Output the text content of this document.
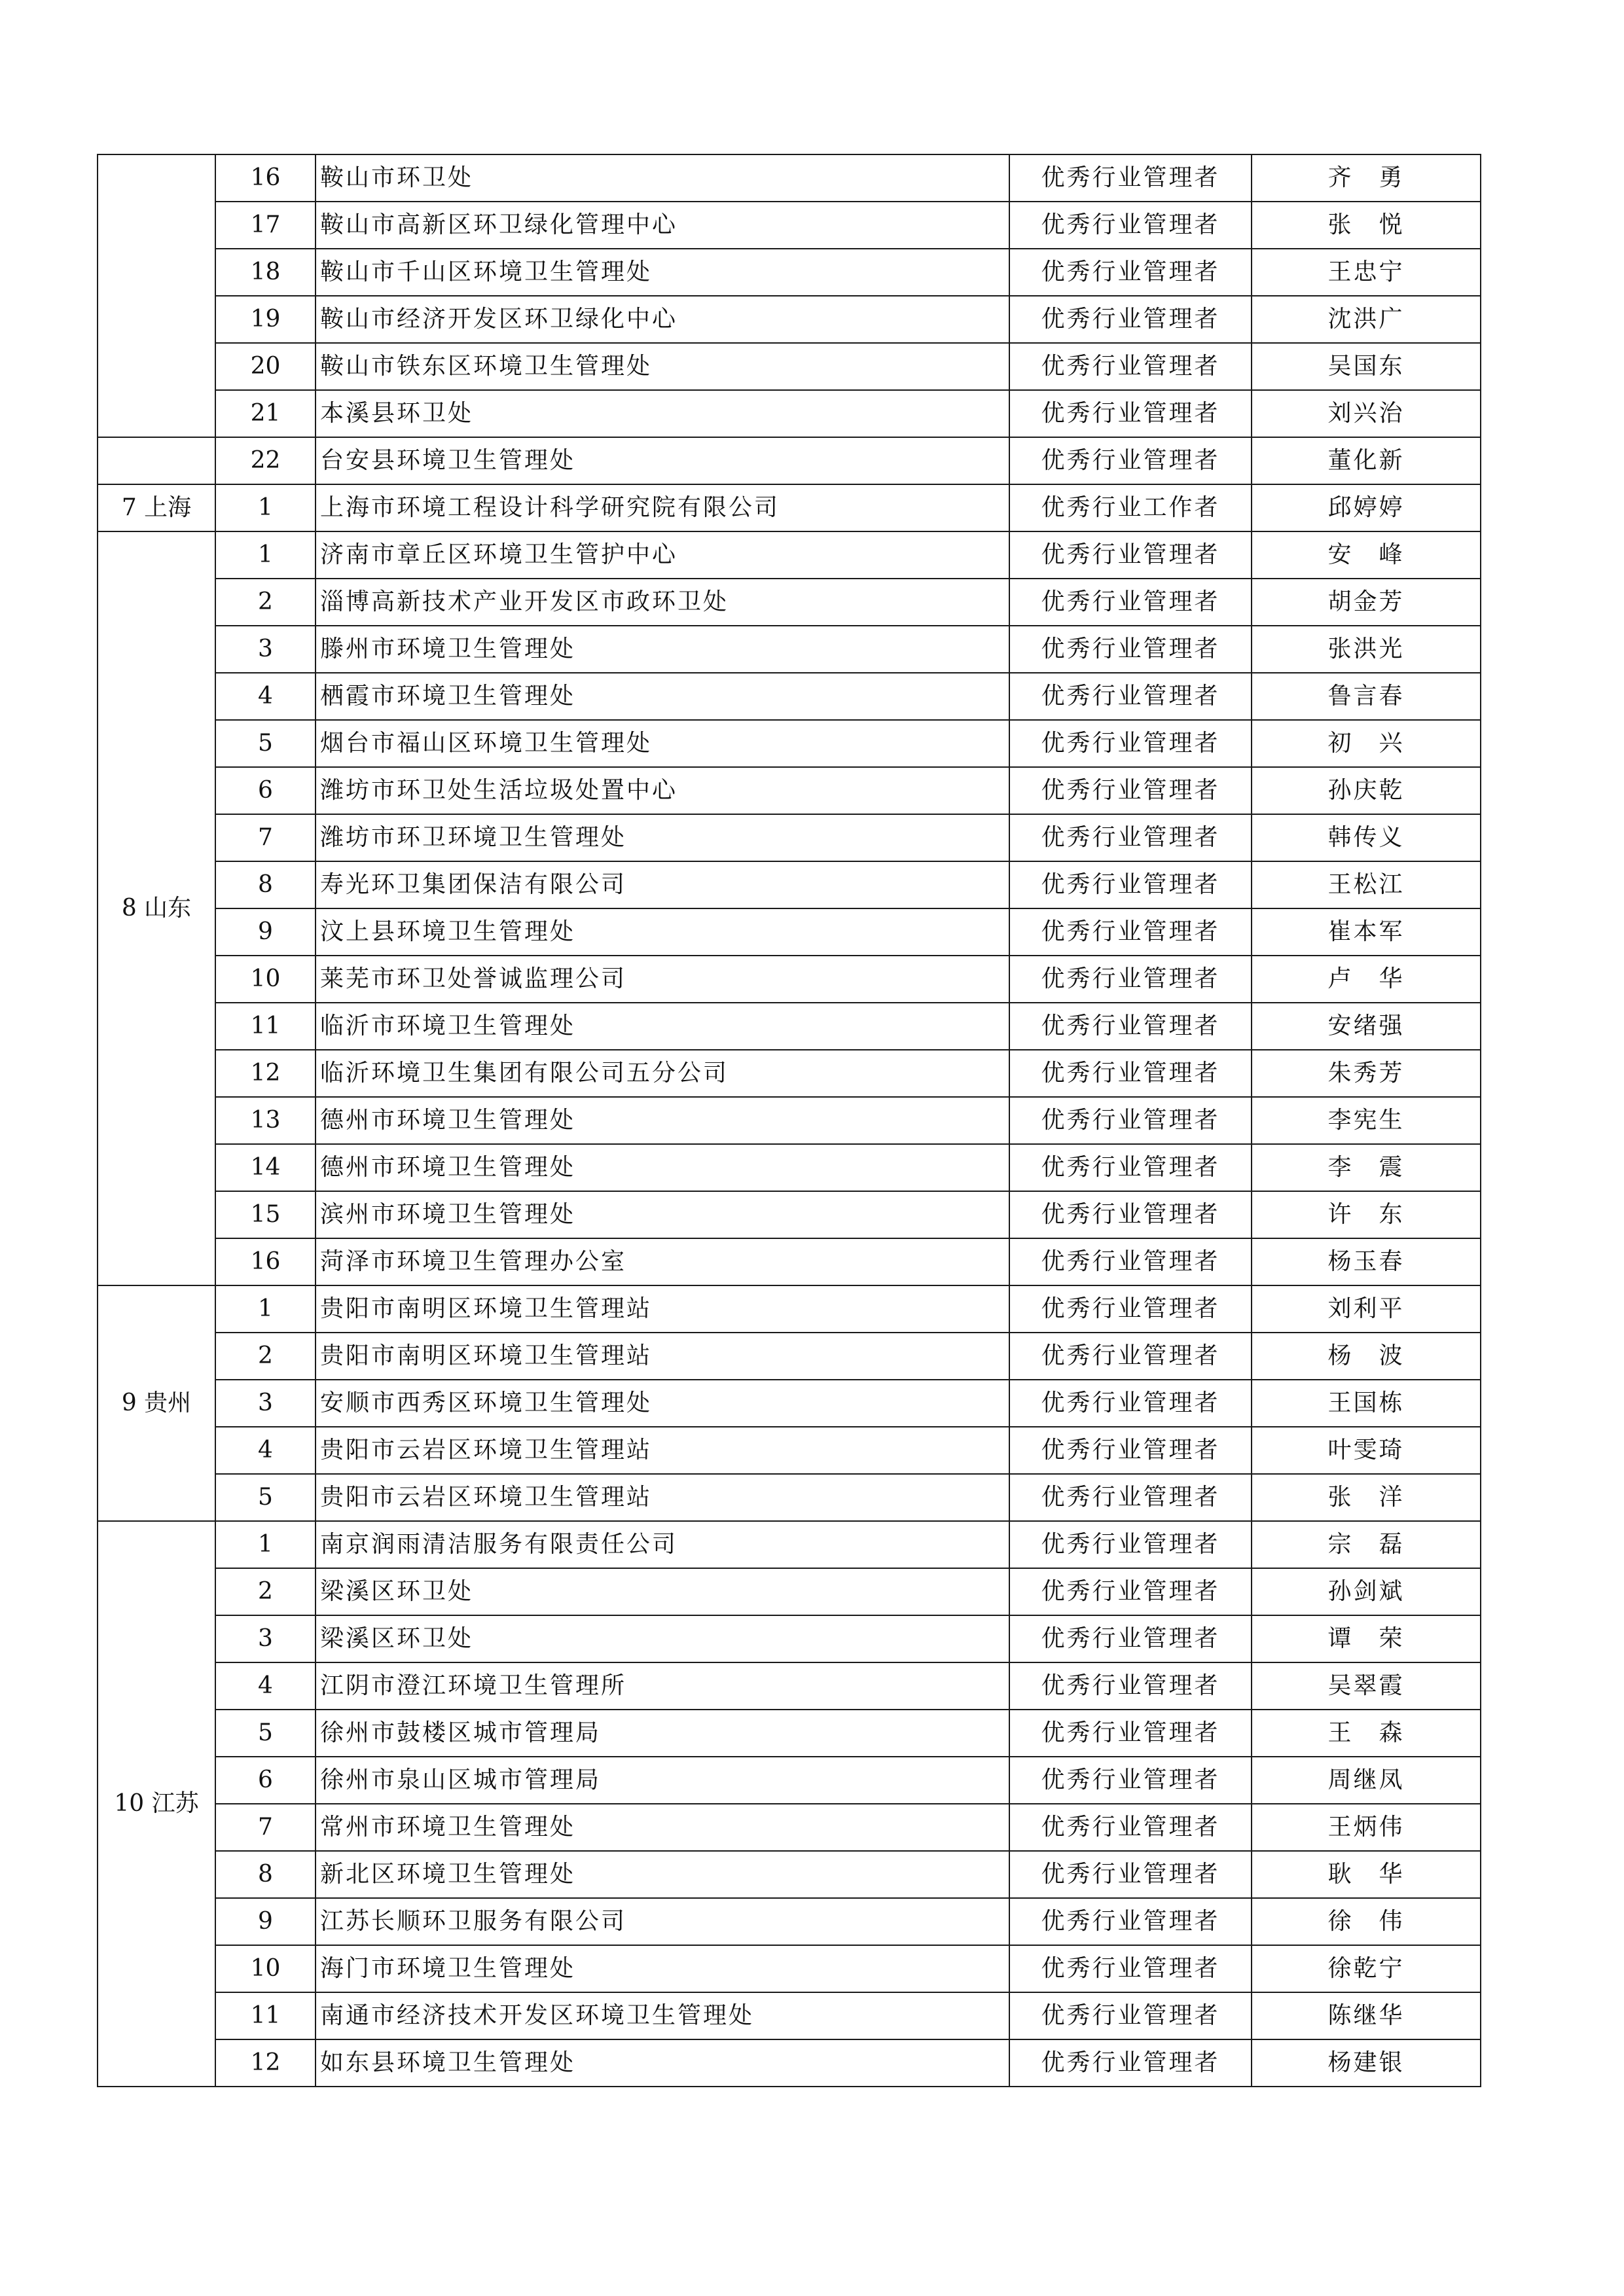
	16	鞍山市环卫处	优秀行业管理者	齐　勇
	17	鞍山市高新区环卫绿化管理中心	优秀行业管理者	张　悦
	18	鞍山市千山区环境卫生管理处	优秀行业管理者	王忠宁
	19	鞍山市经济开发区环卫绿化中心	优秀行业管理者	沈洪广
	20	鞍山市铁东区环境卫生管理处	优秀行业管理者	吴国东
	21	本溪县环卫处	优秀行业管理者	刘兴治
	22	台安县环境卫生管理处	优秀行业管理者	董化新
7 上海	1	上海市环境工程设计科学研究院有限公司	优秀行业工作者	邱婷婷
8 山东	1	济南市章丘区环境卫生管护中心	优秀行业管理者	安　峰
	2	淄博高新技术产业开发区市政环卫处	优秀行业管理者	胡金芳
	3	滕州市环境卫生管理处	优秀行业管理者	张洪光
	4	栖霞市环境卫生管理处	优秀行业管理者	鲁言春
	5	烟台市福山区环境卫生管理处	优秀行业管理者	初　兴
	6	潍坊市环卫处生活垃圾处置中心	优秀行业管理者	孙庆乾
	7	潍坊市环卫环境卫生管理处	优秀行业管理者	韩传义
	8	寿光环卫集团保洁有限公司	优秀行业管理者	王松江
	9	汶上县环境卫生管理处	优秀行业管理者	崔本军
	10	莱芜市环卫处誉诚监理公司	优秀行业管理者	卢　华
	11	临沂市环境卫生管理处	优秀行业管理者	安绪强
	12	临沂环境卫生集团有限公司五分公司	优秀行业管理者	朱秀芳
	13	德州市环境卫生管理处	优秀行业管理者	李宪生
	14	德州市环境卫生管理处	优秀行业管理者	李　震
	15	滨州市环境卫生管理处	优秀行业管理者	许　东
	16	菏泽市环境卫生管理办公室	优秀行业管理者	杨玉春
9 贵州	1	贵阳市南明区环境卫生管理站	优秀行业管理者	刘利平
	2	贵阳市南明区环境卫生管理站	优秀行业管理者	杨　波
	3	安顺市西秀区环境卫生管理处	优秀行业管理者	王国栋
	4	贵阳市云岩区环境卫生管理站	优秀行业管理者	叶雯琦
	5	贵阳市云岩区环境卫生管理站	优秀行业管理者	张　洋
10 江苏	1	南京润雨清洁服务有限责任公司	优秀行业管理者	宗　磊
	2	梁溪区环卫处	优秀行业管理者	孙剑斌
	3	梁溪区环卫处	优秀行业管理者	谭　荣
	4	江阴市澄江环境卫生管理所	优秀行业管理者	吴翠霞
	5	徐州市鼓楼区城市管理局	优秀行业管理者	王　森
	6	徐州市泉山区城市管理局	优秀行业管理者	周继凤
	7	常州市环境卫生管理处	优秀行业管理者	王炳伟
	8	新北区环境卫生管理处	优秀行业管理者	耿　华
	9	江苏长顺环卫服务有限公司	优秀行业管理者	徐　伟
	10	海门市环境卫生管理处	优秀行业管理者	徐乾宁
	11	南通市经济技术开发区环境卫生管理处	优秀行业管理者	陈继华
	12	如东县环境卫生管理处	优秀行业管理者	杨建银
